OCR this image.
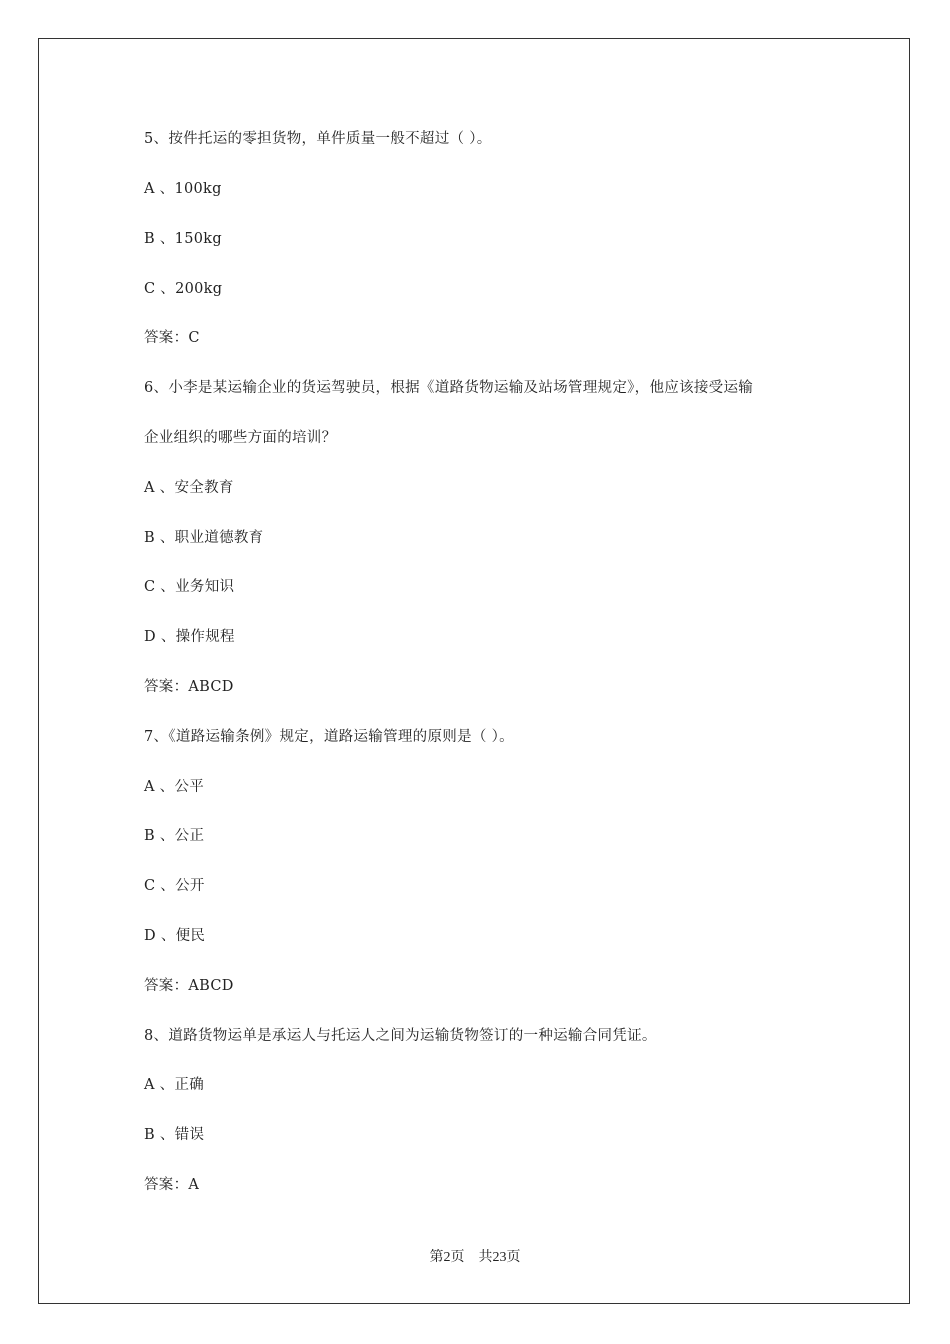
5、按件托运的零担货物，单件质量一般不超过（ ）。
A 、100kg
B 、150kg
C 、200kg
答案：C
6、小李是某运输企业的货运驾驶员，根据《道路货物运输及站场管理规定》，他应该接受运输
企业组织的哪些方面的培训？
A 、安全教育
B 、职业道德教育
C 、业务知识
D 、操作规程
答案：ABCD
7、《道路运输条例》规定，道路运输管理的原则是（ ）。
A 、公平
B 、公正
C 、公开
D 、便民
答案：ABCD
8、道路货物运单是承运人与托运人之间为运输货物签订的一种运输合同凭证。
A 、正确
B 、错误
答案：A
第2页 共23页
